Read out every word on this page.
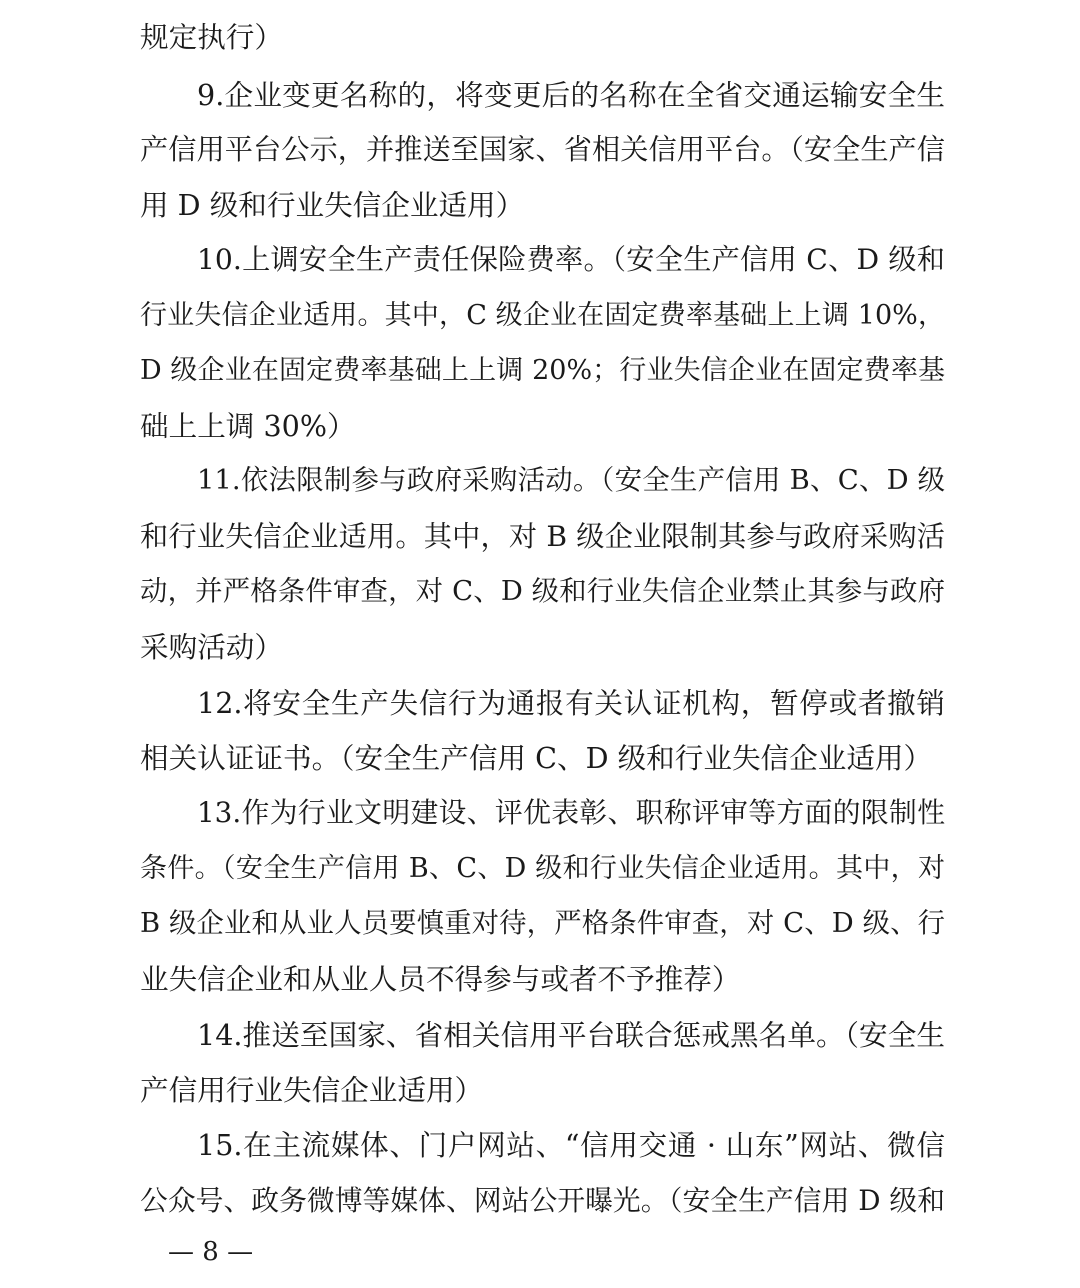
规定执行）
9.企业变更名称的，将变更后的名称在全省交通运输安全生
产信用平台公示，并推送至国家、省相关信用平台。（安全生产信
用 D 级和行业失信企业适用）
10.上调安全生产责任保险费率。（安全生产信用 C、D 级和
行业失信企业适用。其中，C 级企业在固定费率基础上上调 10%，
D 级企业在固定费率基础上上调 20%；行业失信企业在固定费率基
础上上调 30%）
11.依法限制参与政府采购活动。（安全生产信用 B、C、D 级
和行业失信企业适用。其中，对 B 级企业限制其参与政府采购活
动，并严格条件审查，对 C、D 级和行业失信企业禁止其参与政府
采购活动）
12.将安全生产失信行为通报有关认证机构，暂停或者撤销
相关认证证书。（安全生产信用 C、D 级和行业失信企业适用）
13.作为行业文明建设、评优表彰、职称评审等方面的限制性
条件。（安全生产信用 B、C、D 级和行业失信企业适用。其中，对
B 级企业和从业人员要慎重对待，严格条件审查，对 C、D 级、行
业失信企业和从业人员不得参与或者不予推荐）
14.推送至国家、省相关信用平台联合惩戒黑名单。（安全生
产信用行业失信企业适用）
15.在主流媒体、门户网站、“信用交通 · 山东”网站、微信
公众号、政务微博等媒体、网站公开曝光。（安全生产信用 D 级和
— 8 —
